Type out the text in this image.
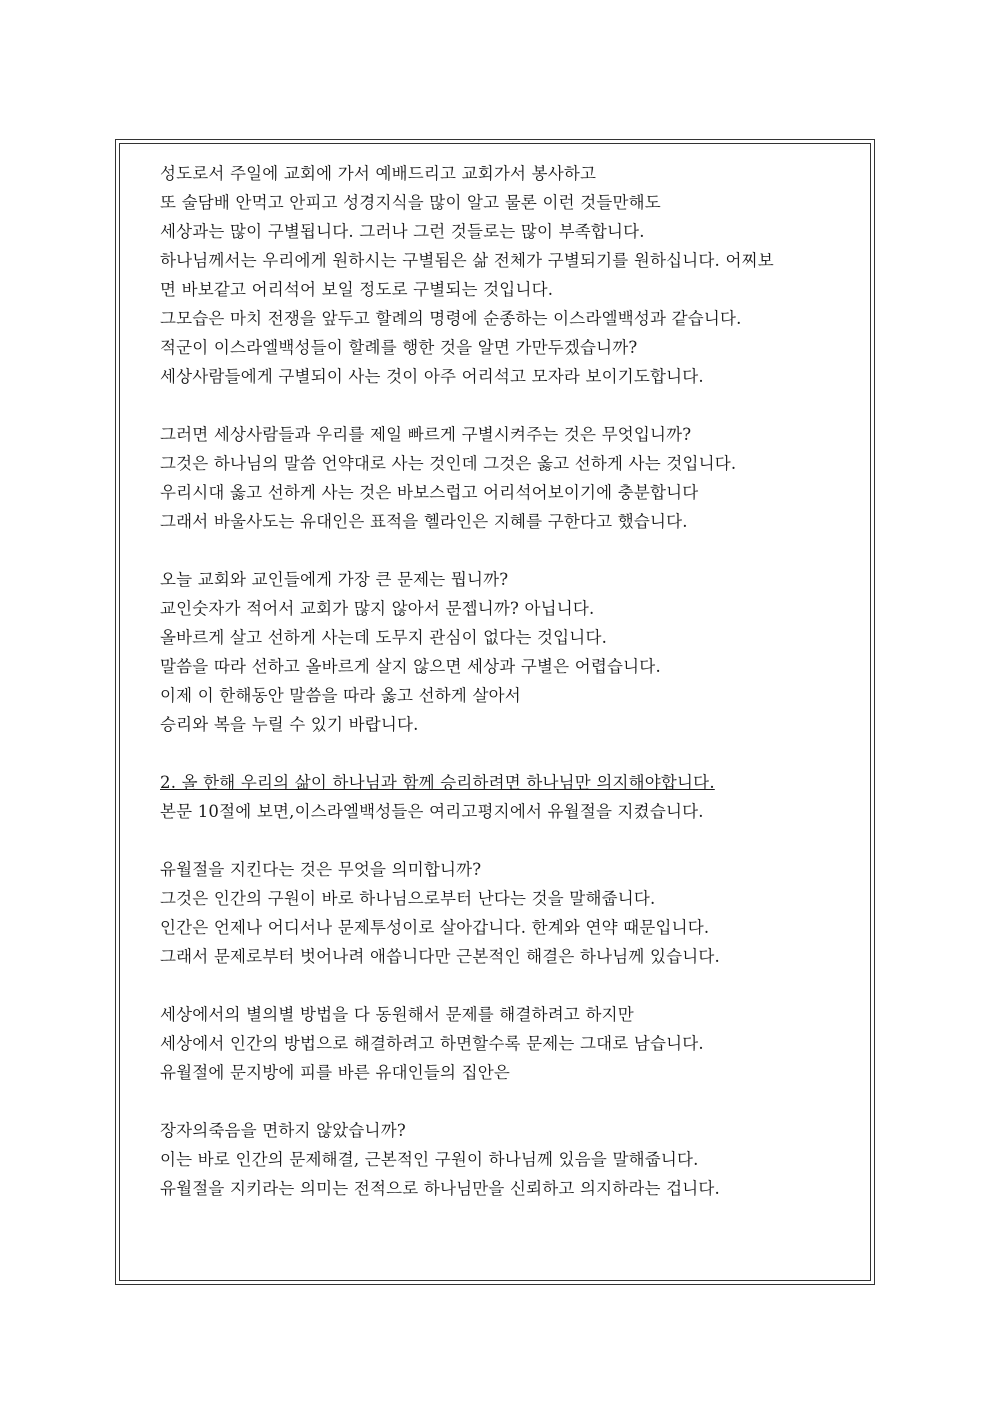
성도로서 주일에 교회에 가서 예배드리고 교회가서 봉사하고
또 술담배 안먹고 안피고 성경지식을 많이 알고 물론 이런 것들만해도
세상과는 많이 구별됩니다. 그러나 그런 것들로는 많이 부족합니다.
하나님께서는 우리에게 원하시는 구별됨은 삶 전체가 구별되기를 원하십니다. 어찌보
면 바보같고 어리석어 보일 정도로 구별되는 것입니다.
그모습은 마치 전쟁을 앞두고 할례의 명령에 순종하는 이스라엘백성과 같습니다.
적군이 이스라엘백성들이 할례를 행한 것을 알면 가만두겠습니까?
세상사람들에게 구별되이 사는 것이 아주 어리석고 모자라 보이기도합니다.
그러면 세상사람들과 우리를 제일 빠르게 구별시켜주는 것은 무엇입니까?
그것은 하나님의 말씀 언약대로 사는 것인데 그것은 옳고 선하게 사는 것입니다.
우리시대 옳고 선하게 사는 것은 바보스럽고 어리석어보이기에 충분합니다
그래서 바울사도는 유대인은 표적을 헬라인은 지혜를 구한다고 했습니다.
오늘 교회와 교인들에게 가장 큰 문제는 뭡니까?
교인숫자가 적어서 교회가 많지 않아서 문젭니까? 아닙니다.
올바르게 살고 선하게 사는데 도무지 관심이 없다는 것입니다.
말씀을 따라 선하고 올바르게 살지 않으면 세상과 구별은 어렵습니다.
이제 이 한해동안 말씀을 따라 옳고 선하게 살아서
승리와 복을 누릴 수 있기 바랍니다.
2. 올 한해 우리의 삶이 하나님과 함께 승리하려면 하나님만 의지해야합니다.
본문 10절에 보면,이스라엘백성들은 여리고평지에서 유월절을 지켰습니다.
유월절을 지킨다는 것은 무엇을 의미합니까?
그것은 인간의 구원이 바로 하나님으로부터 난다는 것을 말해줍니다.
인간은 언제나 어디서나 문제투성이로 살아갑니다. 한계와 연약 때문입니다.
그래서 문제로부터 벗어나려 애씁니다만 근본적인 해결은 하나님께 있습니다.
세상에서의 별의별 방법을 다 동원해서 문제를 해결하려고 하지만
세상에서 인간의 방법으로 해결하려고 하면할수록 문제는 그대로 남습니다.
유월절에 문지방에 피를 바른 유대인들의 집안은
장자의죽음을 면하지 않았습니까?
이는 바로 인간의 문제해결, 근본적인 구원이 하나님께 있음을 말해줍니다.
유월절을 지키라는 의미는 전적으로 하나님만을 신뢰하고 의지하라는 겁니다.
